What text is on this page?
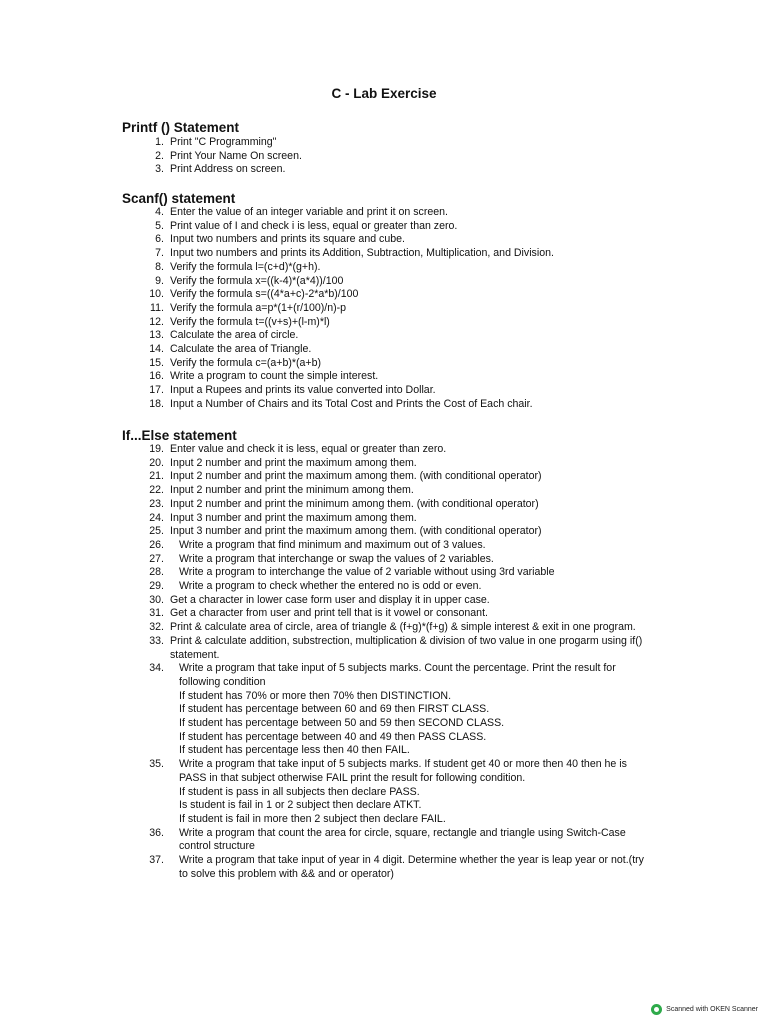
C - Lab Exercise
Printf () Statement
1. Print "C Programming"
2. Print Your Name On screen.
3. Print Address on screen.
Scanf() statement
4. Enter the value of an integer variable and print it on screen.
5. Print value of I and check i is less, equal or greater than zero.
6. Input two numbers and prints its square and cube.
7. Input two numbers and prints its Addition, Subtraction, Multiplication, and Division.
8. Verify the formula l=(c+d)*(g+h).
9. Verify the formula x=((k-4)*(a*4))/100
10. Verify the formula s=((4*a+c)-2*a*b)/100
11. Verify the formula a=p*(1+(r/100)/n)-p
12. Verify the formula t=((v+s)+(l-m)*l)
13. Calculate the area of circle.
14. Calculate the area of Triangle.
15. Verify the formula c=(a+b)*(a+b)
16. Write a program to count the simple interest.
17. Input a Rupees and prints its value converted into Dollar.
18. Input a Number of Chairs and its Total Cost and Prints the Cost of Each chair.
If...Else statement
19. Enter value and check it is less, equal or greater than zero.
20. Input 2 number and print the maximum among them.
21. Input 2 number and print the maximum among them. (with conditional operator)
22. Input 2 number and print the minimum among them.
23. Input 2 number and print the minimum among them. (with conditional operator)
24. Input 3 number and print the maximum among them.
25. Input 3 number and print the maximum among them. (with conditional operator)
26.	Write a program that find minimum and maximum out of 3 values.
27.	Write a program that interchange or swap the values of 2 variables.
28.	Write a program to interchange the value of 2 variable without using 3rd variable
29.	Write a program to check whether the entered no is odd or even.
30. Get a character in lower case form user and display it in upper case.
31. Get a character from user and print tell that is it vowel or consonant.
32. Print & calculate area of circle, area of triangle & (f+g)*(f+g) & simple interest & exit in one program.
33. Print & calculate addition, substrection, multiplication & division of two value in one progarm using if() statement.
34.	Write a program that take input of 5 subjects marks. Count the percentage. Print the result for following condition
If student has 70% or more then 70% then DISTINCTION.
If student has percentage between 60 and 69 then FIRST CLASS.
If student has percentage between 50 and 59 then SECOND CLASS.
If student has percentage between 40 and 49 then PASS CLASS.
If student has percentage less then 40 then FAIL.
35.	Write a program that take input of 5 subjects marks. If student get 40 or more then 40 then he is PASS in that subject otherwise FAIL print the result for following condition.
If student is pass in all subjects then declare PASS.
Is student is fail in 1 or 2 subject then declare ATKT.
If student is fail in more then 2 subject then declare FAIL.
36.	Write a program that count the area for circle, square, rectangle and triangle using Switch-Case control structure
37.	Write a program that take input of year in 4 digit. Determine whether the year is leap year or not.(try to solve this problem with && and or operator)
Scanned with OKEN Scanner
